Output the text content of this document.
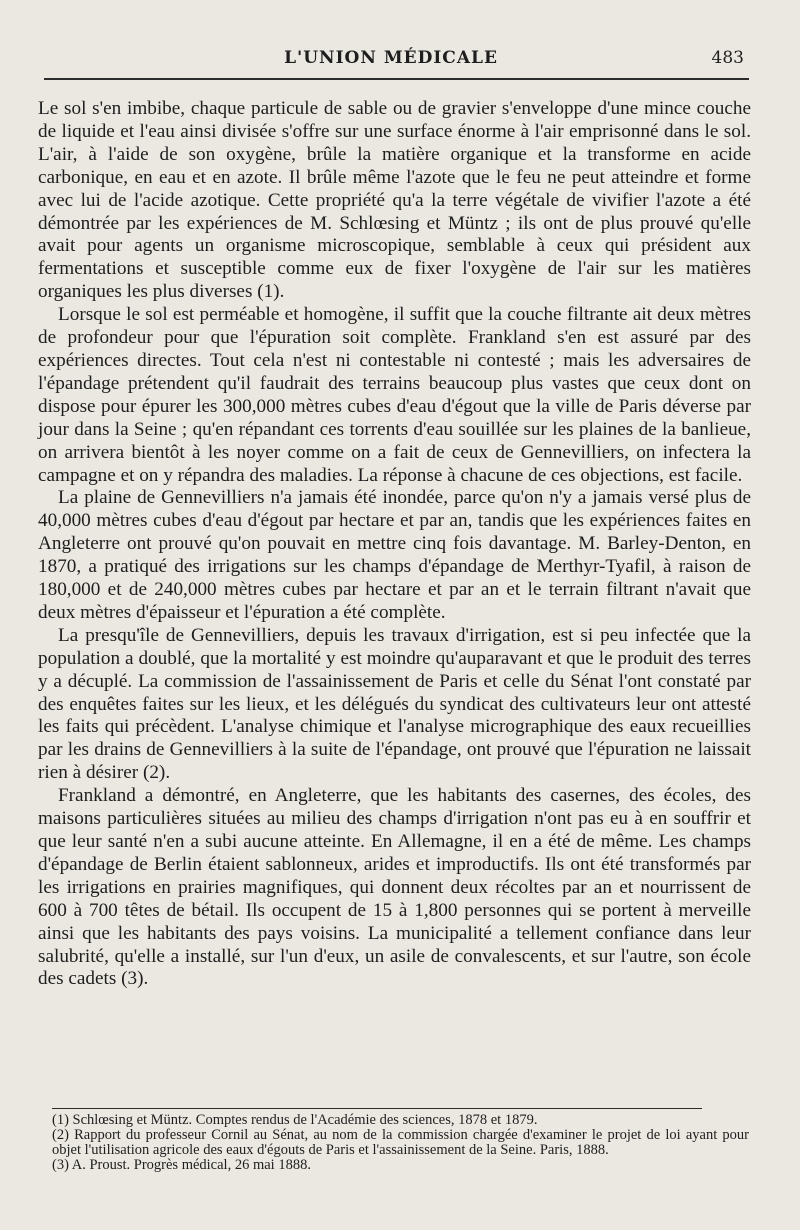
L'UNION MÉDICALE	483

Le sol s'en imbibe, chaque particule de sable ou de gravier s'enveloppe d'une mince couche de liquide et l'eau ainsi divisée s'offre sur une surface énorme à l'air emprisonné dans le sol. L'air, à l'aide de son oxygène, brûle la matière organique et la transforme en acide carbonique, en eau et en azote. Il brûle même l'azote que le feu ne peut atteindre et forme avec lui de l'acide azotique. Cette propriété qu'a la terre végétale de vivifier l'azote a été démontrée par les expériences de M. Schlœsing et Müntz ; ils ont de plus prouvé qu'elle avait pour agents un organisme microscopique, semblable à ceux qui président aux fermentations et susceptible comme eux de fixer l'oxygène de l'air sur les matières organiques les plus diverses (1).

Lorsque le sol est perméable et homogène, il suffit que la couche filtrante ait deux mètres de profondeur pour que l'épuration soit complète. Frankland s'en est assuré par des expériences directes. Tout cela n'est ni contestable ni contesté ; mais les adversaires de l'épandage prétendent qu'il faudrait des terrains beaucoup plus vastes que ceux dont on dispose pour épurer les 300,000 mètres cubes d'eau d'égout que la ville de Paris déverse par jour dans la Seine ; qu'en répandant ces torrents d'eau souillée sur les plaines de la banlieue, on arrivera bientôt à les noyer comme on a fait de ceux de Gennevilliers, on infectera la campagne et on y répandra des maladies. La réponse à chacune de ces objections, est facile.

La plaine de Gennevilliers n'a jamais été inondée, parce qu'on n'y a jamais versé plus de 40,000 mètres cubes d'eau d'égout par hectare et par an, tandis que les expériences faites en Angleterre ont prouvé qu'on pouvait en mettre cinq fois davantage. M. Barley-Denton, en 1870, a pratiqué des irrigations sur les champs d'épandage de Merthyr-Tyafil, à raison de 180,000 et de 240,000 mètres cubes par hectare et par an et le terrain filtrant n'avait que deux mètres d'épaisseur et l'épuration a été complète.

La presqu'île de Gennevilliers, depuis les travaux d'irrigation, est si peu infectée que la population a doublé, que la mortalité y est moindre qu'auparavant et que le produit des terres y a décuplé. La commission de l'assainissement de Paris et celle du Sénat l'ont constaté par des enquêtes faites sur les lieux, et les délégués du syndicat des cultivateurs leur ont attesté les faits qui précèdent. L'analyse chimique et l'analyse micrographique des eaux recueillies par les drains de Gennevilliers à la suite de l'épandage, ont prouvé que l'épuration ne laissait rien à désirer (2).

Frankland a démontré, en Angleterre, que les habitants des casernes, des écoles, des maisons particulières situées au milieu des champs d'irrigation n'ont pas eu à en souffrir et que leur santé n'en a subi aucune atteinte. En Allemagne, il en a été de même. Les champs d'épandage de Berlin étaient sablonneux, arides et improductifs. Ils ont été transformés par les irrigations en prairies magnifiques, qui donnent deux récoltes par an et nourrissent de 600 à 700 têtes de bétail. Ils occupent de 15 à 1,800 personnes qui se portent à merveille ainsi que les habitants des pays voisins. La municipalité a tellement confiance dans leur salubrité, qu'elle a installé, sur l'un d'eux, un asile de convalescents, et sur l'autre, son école des cadets (3).

(1) Schlœsing et Müntz. Comptes rendus de l'Académie des sciences, 1878 et 1879.

(2) Rapport du professeur Cornil au Sénat, au nom de la commission chargée d'examiner le projet de loi ayant pour objet l'utilisation agricole des eaux d'égouts de Paris et l'assainissement de la Seine. Paris, 1888.

(3) A. Proust. Progrès médical, 26 mai 1888.
